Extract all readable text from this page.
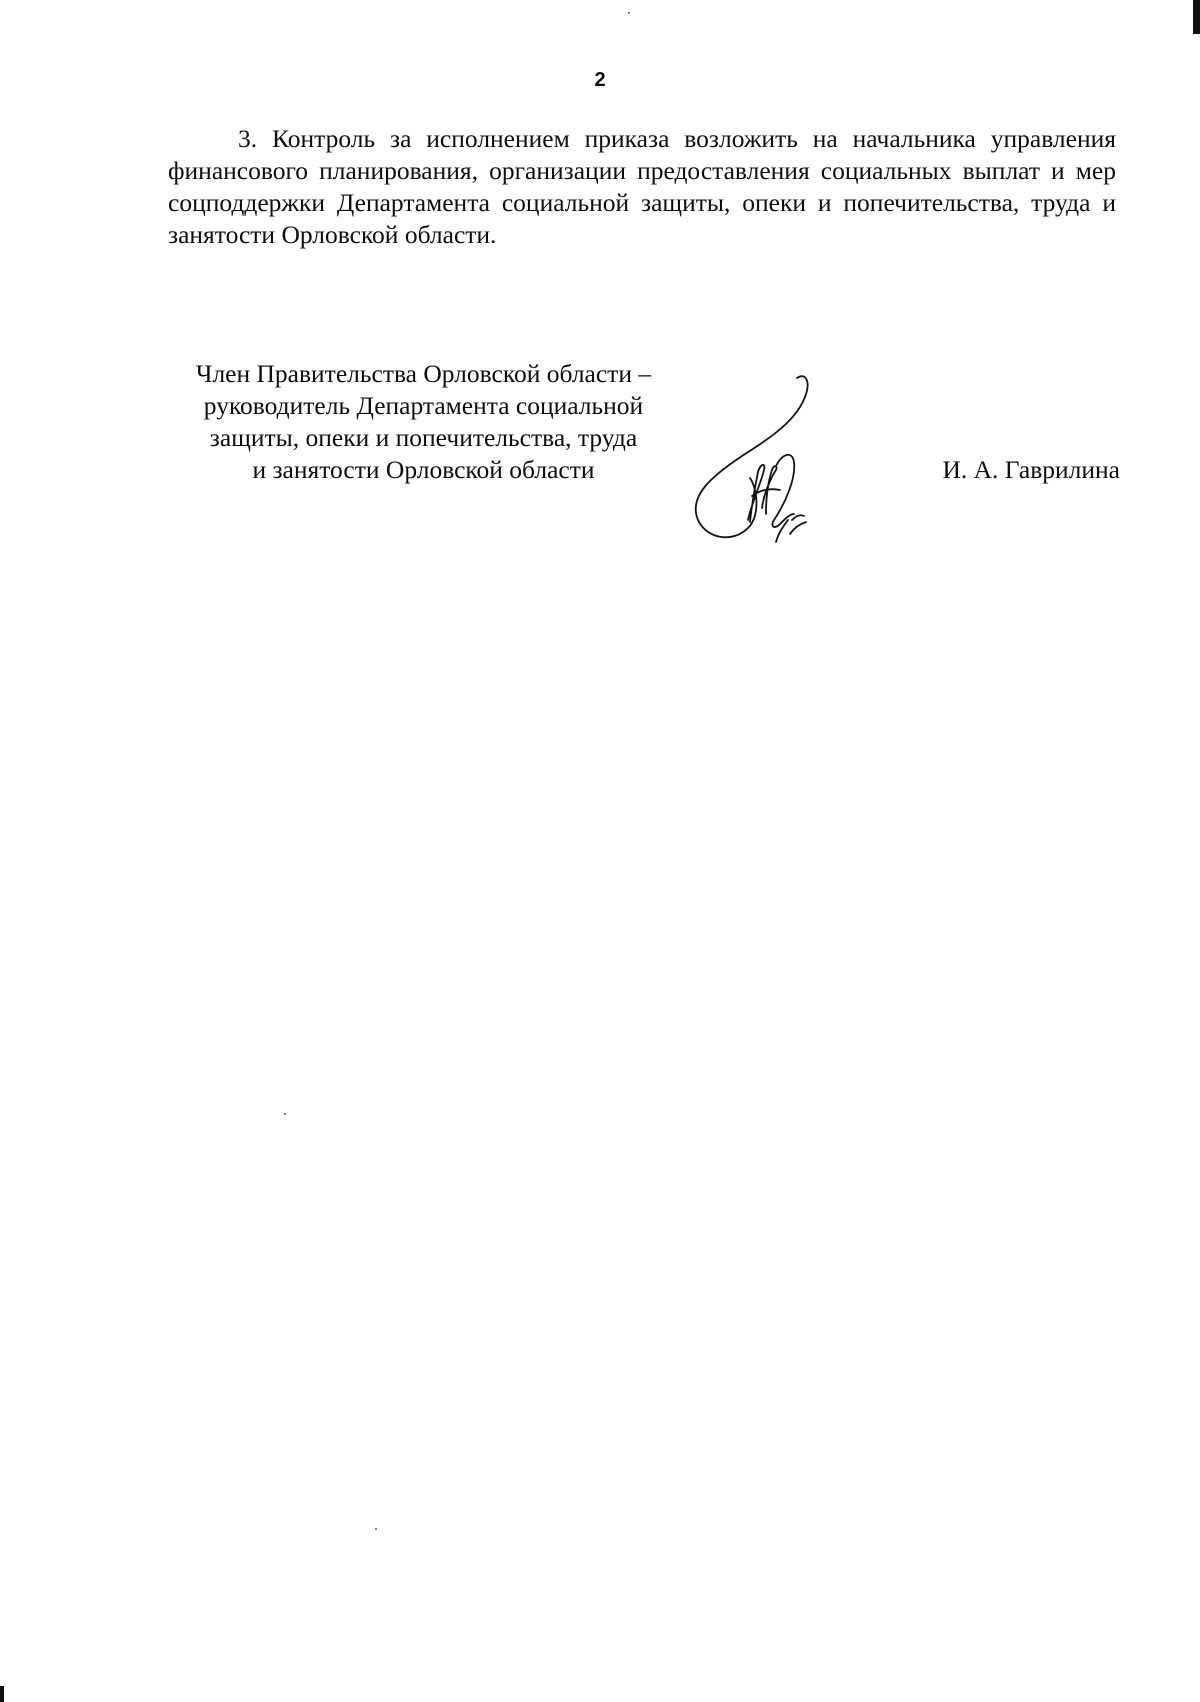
2

3. Контроль за исполнением приказа возложить на начальника управления финансового планирования, организации предоставления социальных выплат и мер соцподдержки Департамента социальной защиты, опеки и попечительства, труда и занятости Орловской области.

Член Правительства Орловской области –
руководитель Департамента социальной
защиты, опеки и попечительства, труда
и занятости Орловской области	И. А. Гаврилина
